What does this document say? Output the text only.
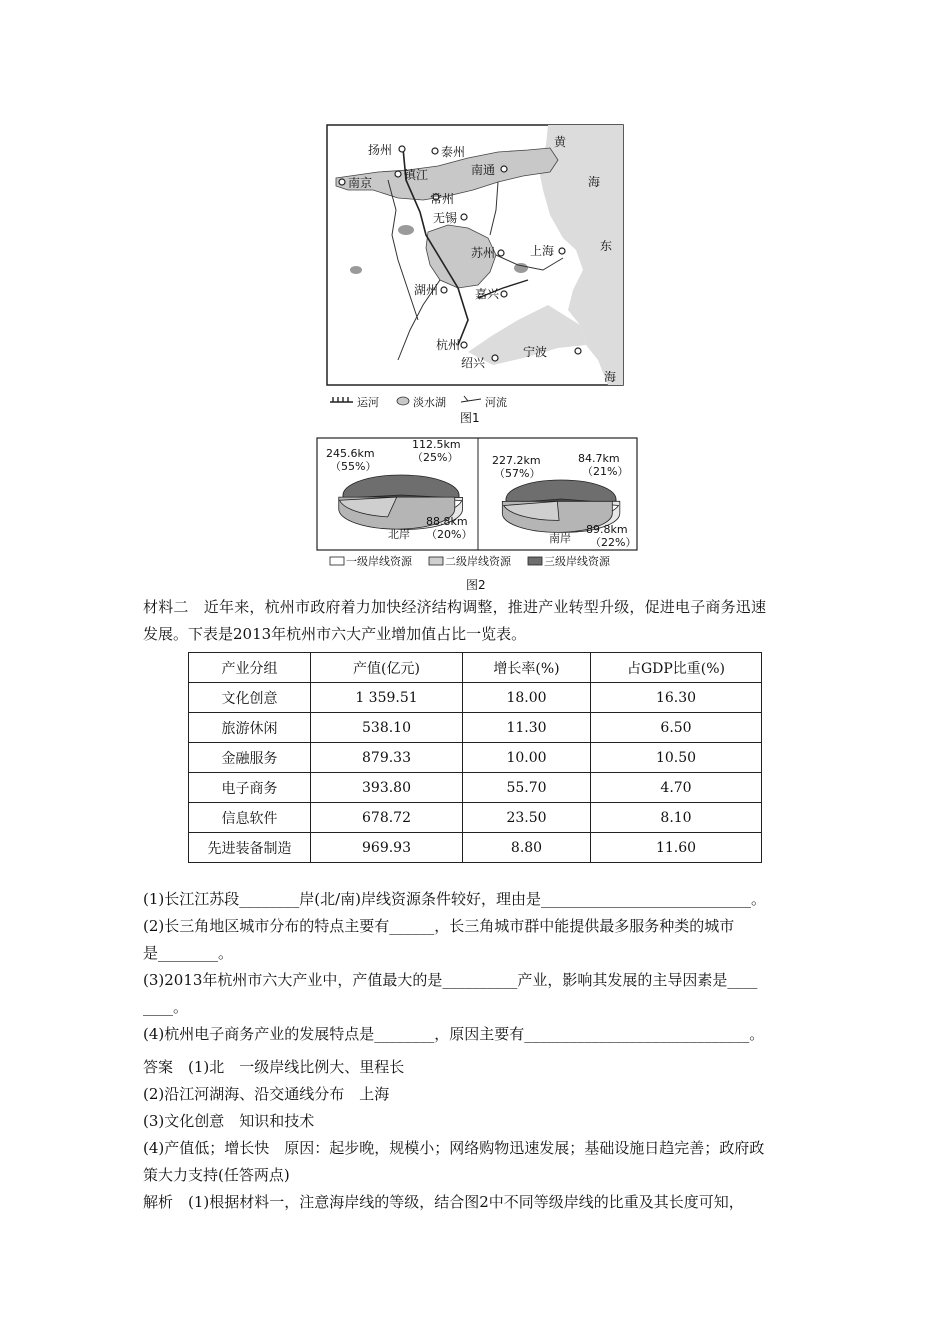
扬州	泰州
南京
镇江	南通
常州
无锡
苏州	上海
湖州	嘉兴
杭州
绍兴
宁波
黄
海
东
海
运河	淡水湖	河流
图1
245.6km
（55%）
112.5km
（25%）
88.8km
（20%）
北岸
227.2km
（57%）
84.7km
（21%）
89.8km
（22%）
南岸
一级岸线资源	二级岸线资源	三级岸线资源
图2
材料二　近年来，杭州市政府着力加快经济结构调整，推进产业转型升级，促进电子商务迅速
发展。下表是2013年杭州市六大产业增加值占比一览表。
产业分组	产值(亿元)	增长率(%)	占GDP比重(%)
文化创意	1 359.51	18.00	16.30
旅游休闲	538.10	11.30	6.50
金融服务	879.33	10.00	10.50
电子商务	393.80	55.70	4.70
信息软件	678.72	23.50	8.10
先进装备制造	969.93	8.80	11.60
(1)长江江苏段________岸(北/南)岸线资源条件较好，理由是____________________________。
(2)长三角地区城市分布的特点主要有______，长三角城市群中能提供最多服务种类的城市
是________。
(3)2013年杭州市六大产业中，产值最大的是__________产业，影响其发展的主导因素是____
____。
(4)杭州电子商务产业的发展特点是________，原因主要有______________________________。
答案　(1)北　一级岸线比例大、里程长
(2)沿江河湖海、沿交通线分布　上海
(3)文化创意　知识和技术
(4)产值低；增长快　原因：起步晚，规模小；网络购物迅速发展；基础设施日趋完善；政府政
策大力支持(任答两点)
解析　(1)根据材料一，注意海岸线的等级，结合图2中不同等级岸线的比重及其长度可知，
